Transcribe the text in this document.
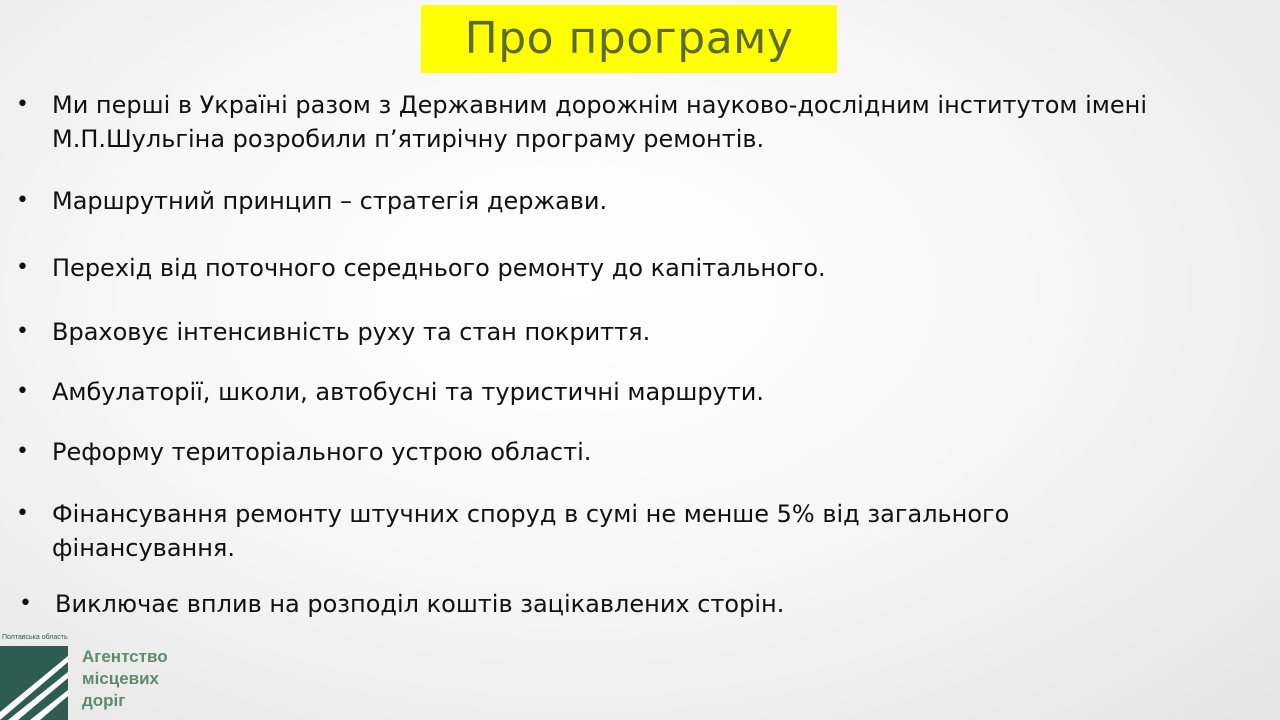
Про програму
• Ми перші в Україні разом з Державним дорожнім науково-дослідним інститутом імені М.П.Шульгіна розробили п’ятирічну програму ремонтів.
• Маршрутний принцип – стратегія держави.
• Перехід від поточного середнього ремонту до капітального.
• Враховує інтенсивність руху та стан покриття.
• Амбулаторії, школи, автобусні та туристичні маршрути.
• Реформу територіального устрою області.
• Фінансування ремонту штучних споруд в сумі не менше 5% від загального фінансування.
• Виключає вплив на розподіл коштів зацікавлених сторін.
Полтавська область
Агентство
місцевих
доріг
